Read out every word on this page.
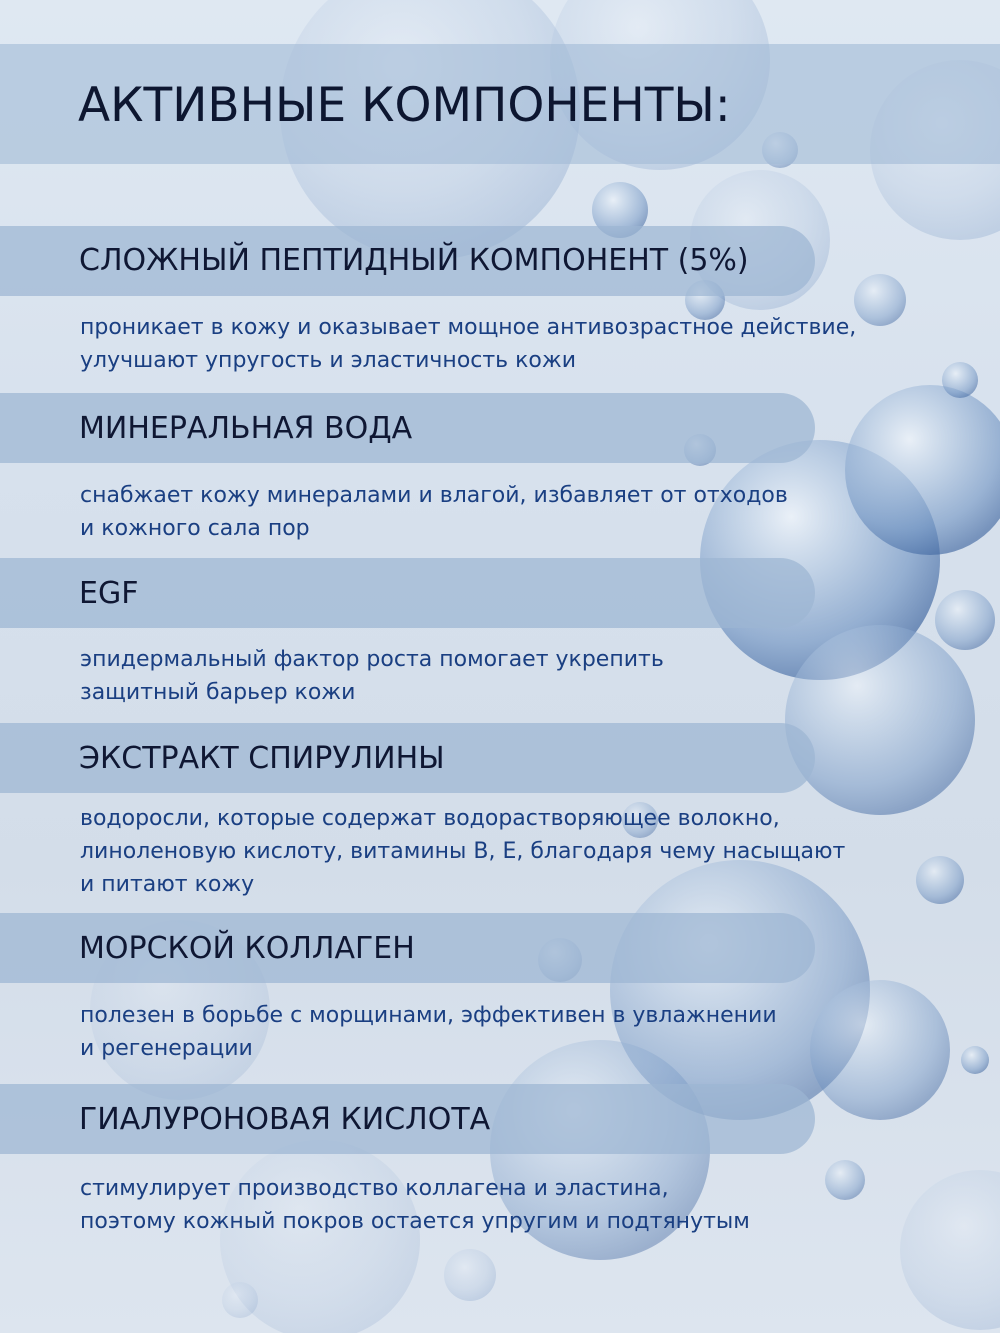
АКТИВНЫЕ КОМПОНЕНТЫ:
СЛОЖНЫЙ ПЕПТИДНЫЙ КОМПОНЕНТ (5%)

проникает в кожу и оказывает мощное антивозрастное действие,

улучшают упругость и эластичность кожи

МИНЕРАЛЬНАЯ ВОДА

снабжает кожу минералами и влагой, избавляет от отходов

и кожного сала пор

EGF

эпидермальный фактор роста помогает укрепить

защитный барьер кожи

ЭКСТРАКТ СПИРУЛИНЫ

водоросли, которые содержат водорастворяющее волокно,

линоленовую кислоту, витамины В, Е, благодаря чему насыщают

и питают кожу

МОРСКОЙ КОЛЛАГЕН

полезен в борьбе с морщинами, эффективен в увлажнении

и регенерации

ГИАЛУРОНОВАЯ КИСЛОТА

стимулирует производство коллагена и эластина,

поэтому кожный покров остается упругим и подтянутым
